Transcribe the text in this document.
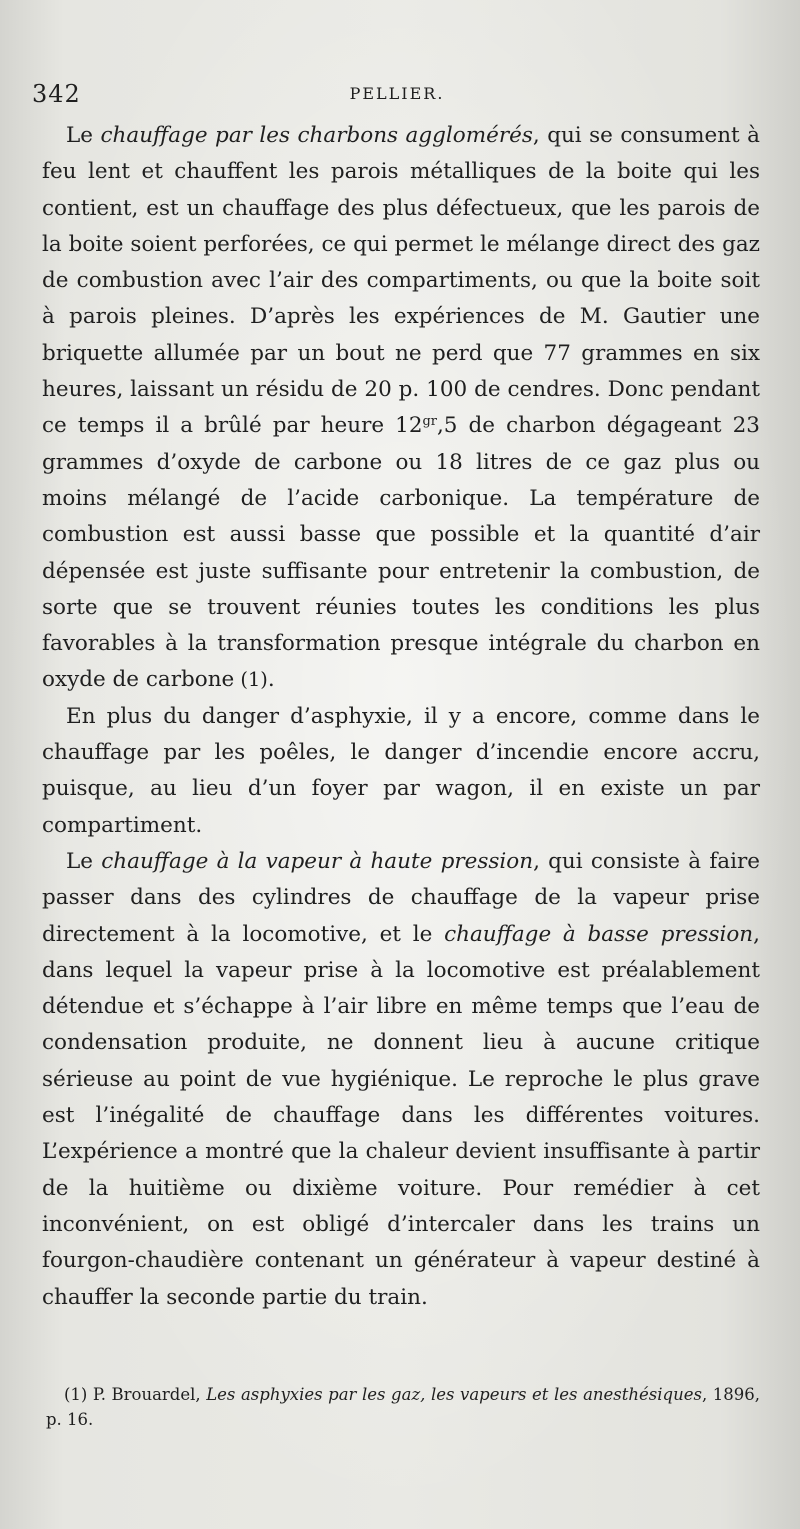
342	PELLIER.

Le chauffage par les charbons agglomérés, qui se consument à feu lent et chauffent les parois métalliques de la boite qui les contient, est un chauffage des plus défectueux, que les parois de la boite soient perforées, ce qui permet le mélange direct des gaz de combustion avec l’air des compartiments, ou que la boite soit à parois pleines. D’après les expériences de M. Gautier une briquette allumée par un bout ne perd que 77 grammes en six heures, laissant un résidu de 20 p. 100 de cendres. Donc pendant ce temps il a brûlé par heure $12^{gr},5$ de charbon dégageant 23 grammes d’oxyde de carbone ou 18 litres de ce gaz plus ou moins mélangé de l’acide carbonique. La température de combustion est aussi basse que possible et la quantité d’air dépensée est juste suffisante pour entretenir la combustion, de sorte que se trouvent réunies toutes les conditions les plus favorables à la transformation presque intégrale du charbon en oxyde de carbone (1).

En plus du danger d’asphyxie, il y a encore, comme dans le chauffage par les poêles, le danger d’incendie encore accru, puisque, au lieu d’un foyer par wagon, il en existe un par compartiment.

Le chauffage à la vapeur à haute pression, qui consiste à faire passer dans des cylindres de chauffage de la vapeur prise directement à la locomotive, et le chauffage à basse pression, dans lequel la vapeur prise à la locomotive est préalablement détendue et s’échappe à l’air libre en même temps que l’eau de condensation produite, ne donnent lieu à aucune critique sérieuse au point de vue hygiénique. Le reproche le plus grave est l’inégalité de chauffage dans les différentes voitures. L’expérience a montré que la chaleur devient insuffisante à partir de la huitième ou dixième voiture. Pour remédier à cet inconvénient, on est obligé d’intercaler dans les trains un fourgon-chaudière contenant un générateur à vapeur destiné à chauffer la seconde partie du train.

(1) P. Brouardel, Les asphyxies par les gaz, les vapeurs et les anesthésiques, 1896, p. 16.
